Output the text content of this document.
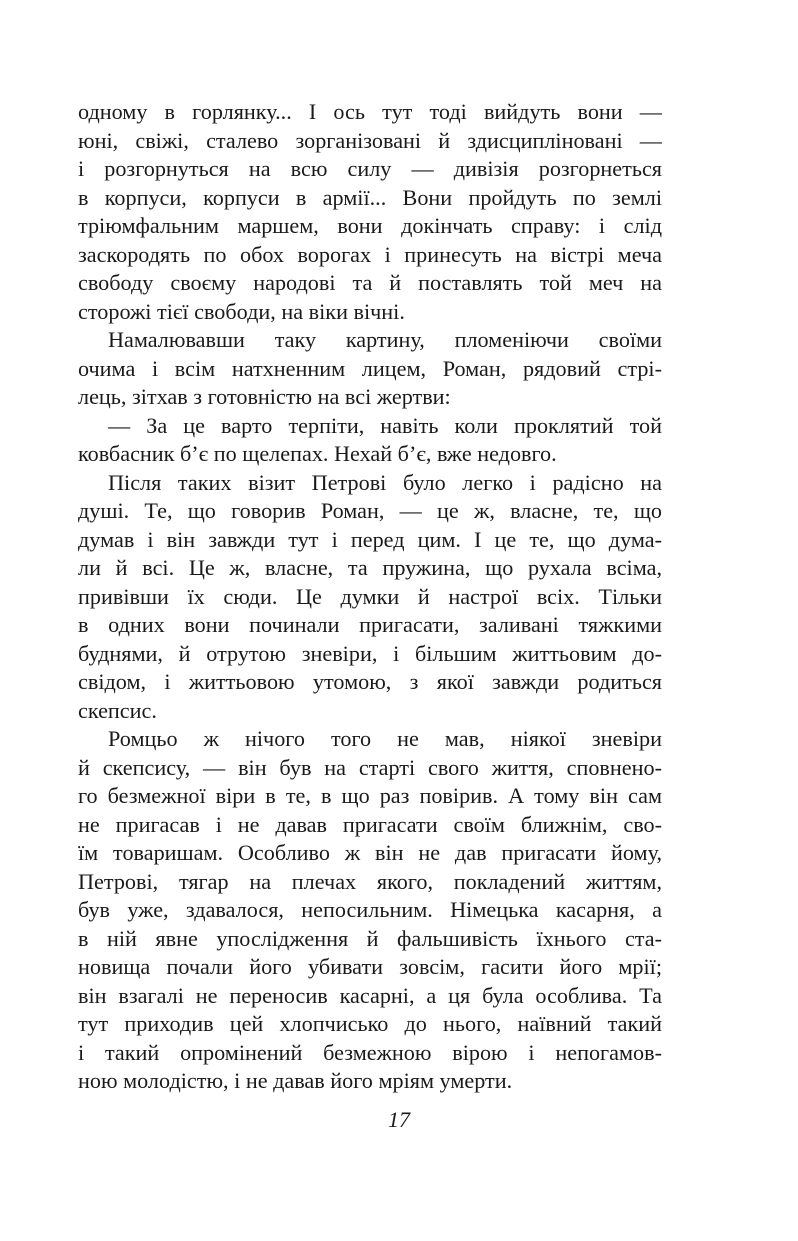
одному в горлянку... І ось тут тоді вийдуть вони —
юні, свіжі, сталево зорганізовані й здисципліновані —
і розгорнуться на всю силу — дивізія розгорнеться
в корпуси, корпуси в армії... Вони пройдуть по землі
тріюмфальним маршем, вони докінчать справу: і слід
заскородять по обох ворогах і принесуть на вістрі меча
свободу своєму народові та й поставлять той меч на
сторожі тієї свободи, на віки вічні.
Намалювавши таку картину, пломеніючи своїми
очима і всім натхненним лицем, Роман, рядовий стрі-
лець, зітхав з готовністю на всі жертви:
— За це варто терпіти, навіть коли проклятий той
ковбасник б’є по щелепах. Нехай б’є, вже недовго.
Після таких візит Петрові було легко і радісно на
душі. Те, що говорив Роман, — це ж, власне, те, що
думав і він завжди тут і перед цим. І це те, що дума-
ли й всі. Це ж, власне, та пружина, що рухала всіма,
привівши їх сюди. Це думки й настрої всіх. Тільки
в одних вони починали пригасати, заливані тяжкими
буднями, й отрутою зневіри, і більшим життьовим до-
свідом, і життьовою утомою, з якої завжди родиться
скепсис.
Ромцьо ж нічого того не мав, ніякої зневіри
й скепсису, — він був на старті свого життя, сповнено-
го безмежної віри в те, в що раз повірив. А тому він сам
не пригасав і не давав пригасати своїм ближнім, сво-
їм товаришам. Особливо ж він не дав пригасати йому,
Петрові, тягар на плечах якого, покладений життям,
був уже, здавалося, непосильним. Німецька касарня, а
в ній явне упослідження й фальшивість їхнього ста-
новища почали його убивати зовсім, гасити його мрії;
він взагалі не переносив касарні, а ця була особлива. Та
тут приходив цей хлопчисько до нього, наївний такий
і такий опромінений безмежною вірою і непогамов-
ною молодістю, і не давав його мріям умерти.
17
